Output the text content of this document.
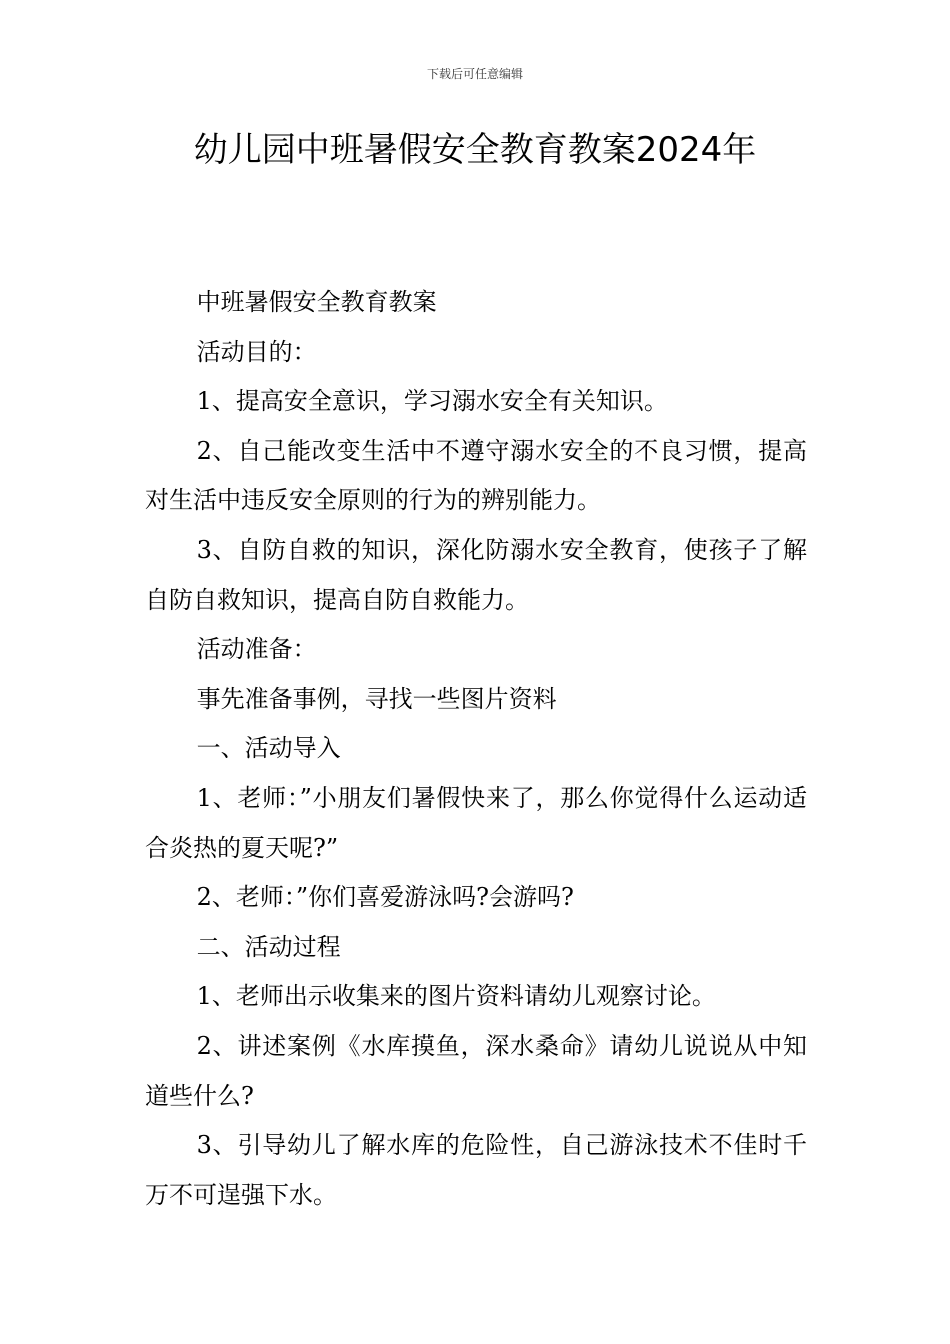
下载后可任意编辑
幼儿园中班暑假安全教育教案2024年

中班暑假安全教育教案

活动目的：

1、提高安全意识，学习溺水安全有关知识。

2、自己能改变生活中不遵守溺水安全的不良习惯，提高对生活中违反安全原则的行为的辨别能力。

3、自防自救的知识，深化防溺水安全教育，使孩子了解自防自救知识，提高自防自救能力。

活动准备：

事先准备事例，寻找一些图片资料

一、活动导入

1、老师：”小朋友们暑假快来了，那么你觉得什么运动适合炎热的夏天呢?”

2、老师：”你们喜爱游泳吗?会游吗?

二、活动过程

1、老师出示收集来的图片资料请幼儿观察讨论。

2、讲述案例《水库摸鱼，深水桑命》请幼儿说说从中知道些什么?

3、引导幼儿了解水库的危险性，自己游泳技术不佳时千万不可逞强下水。
